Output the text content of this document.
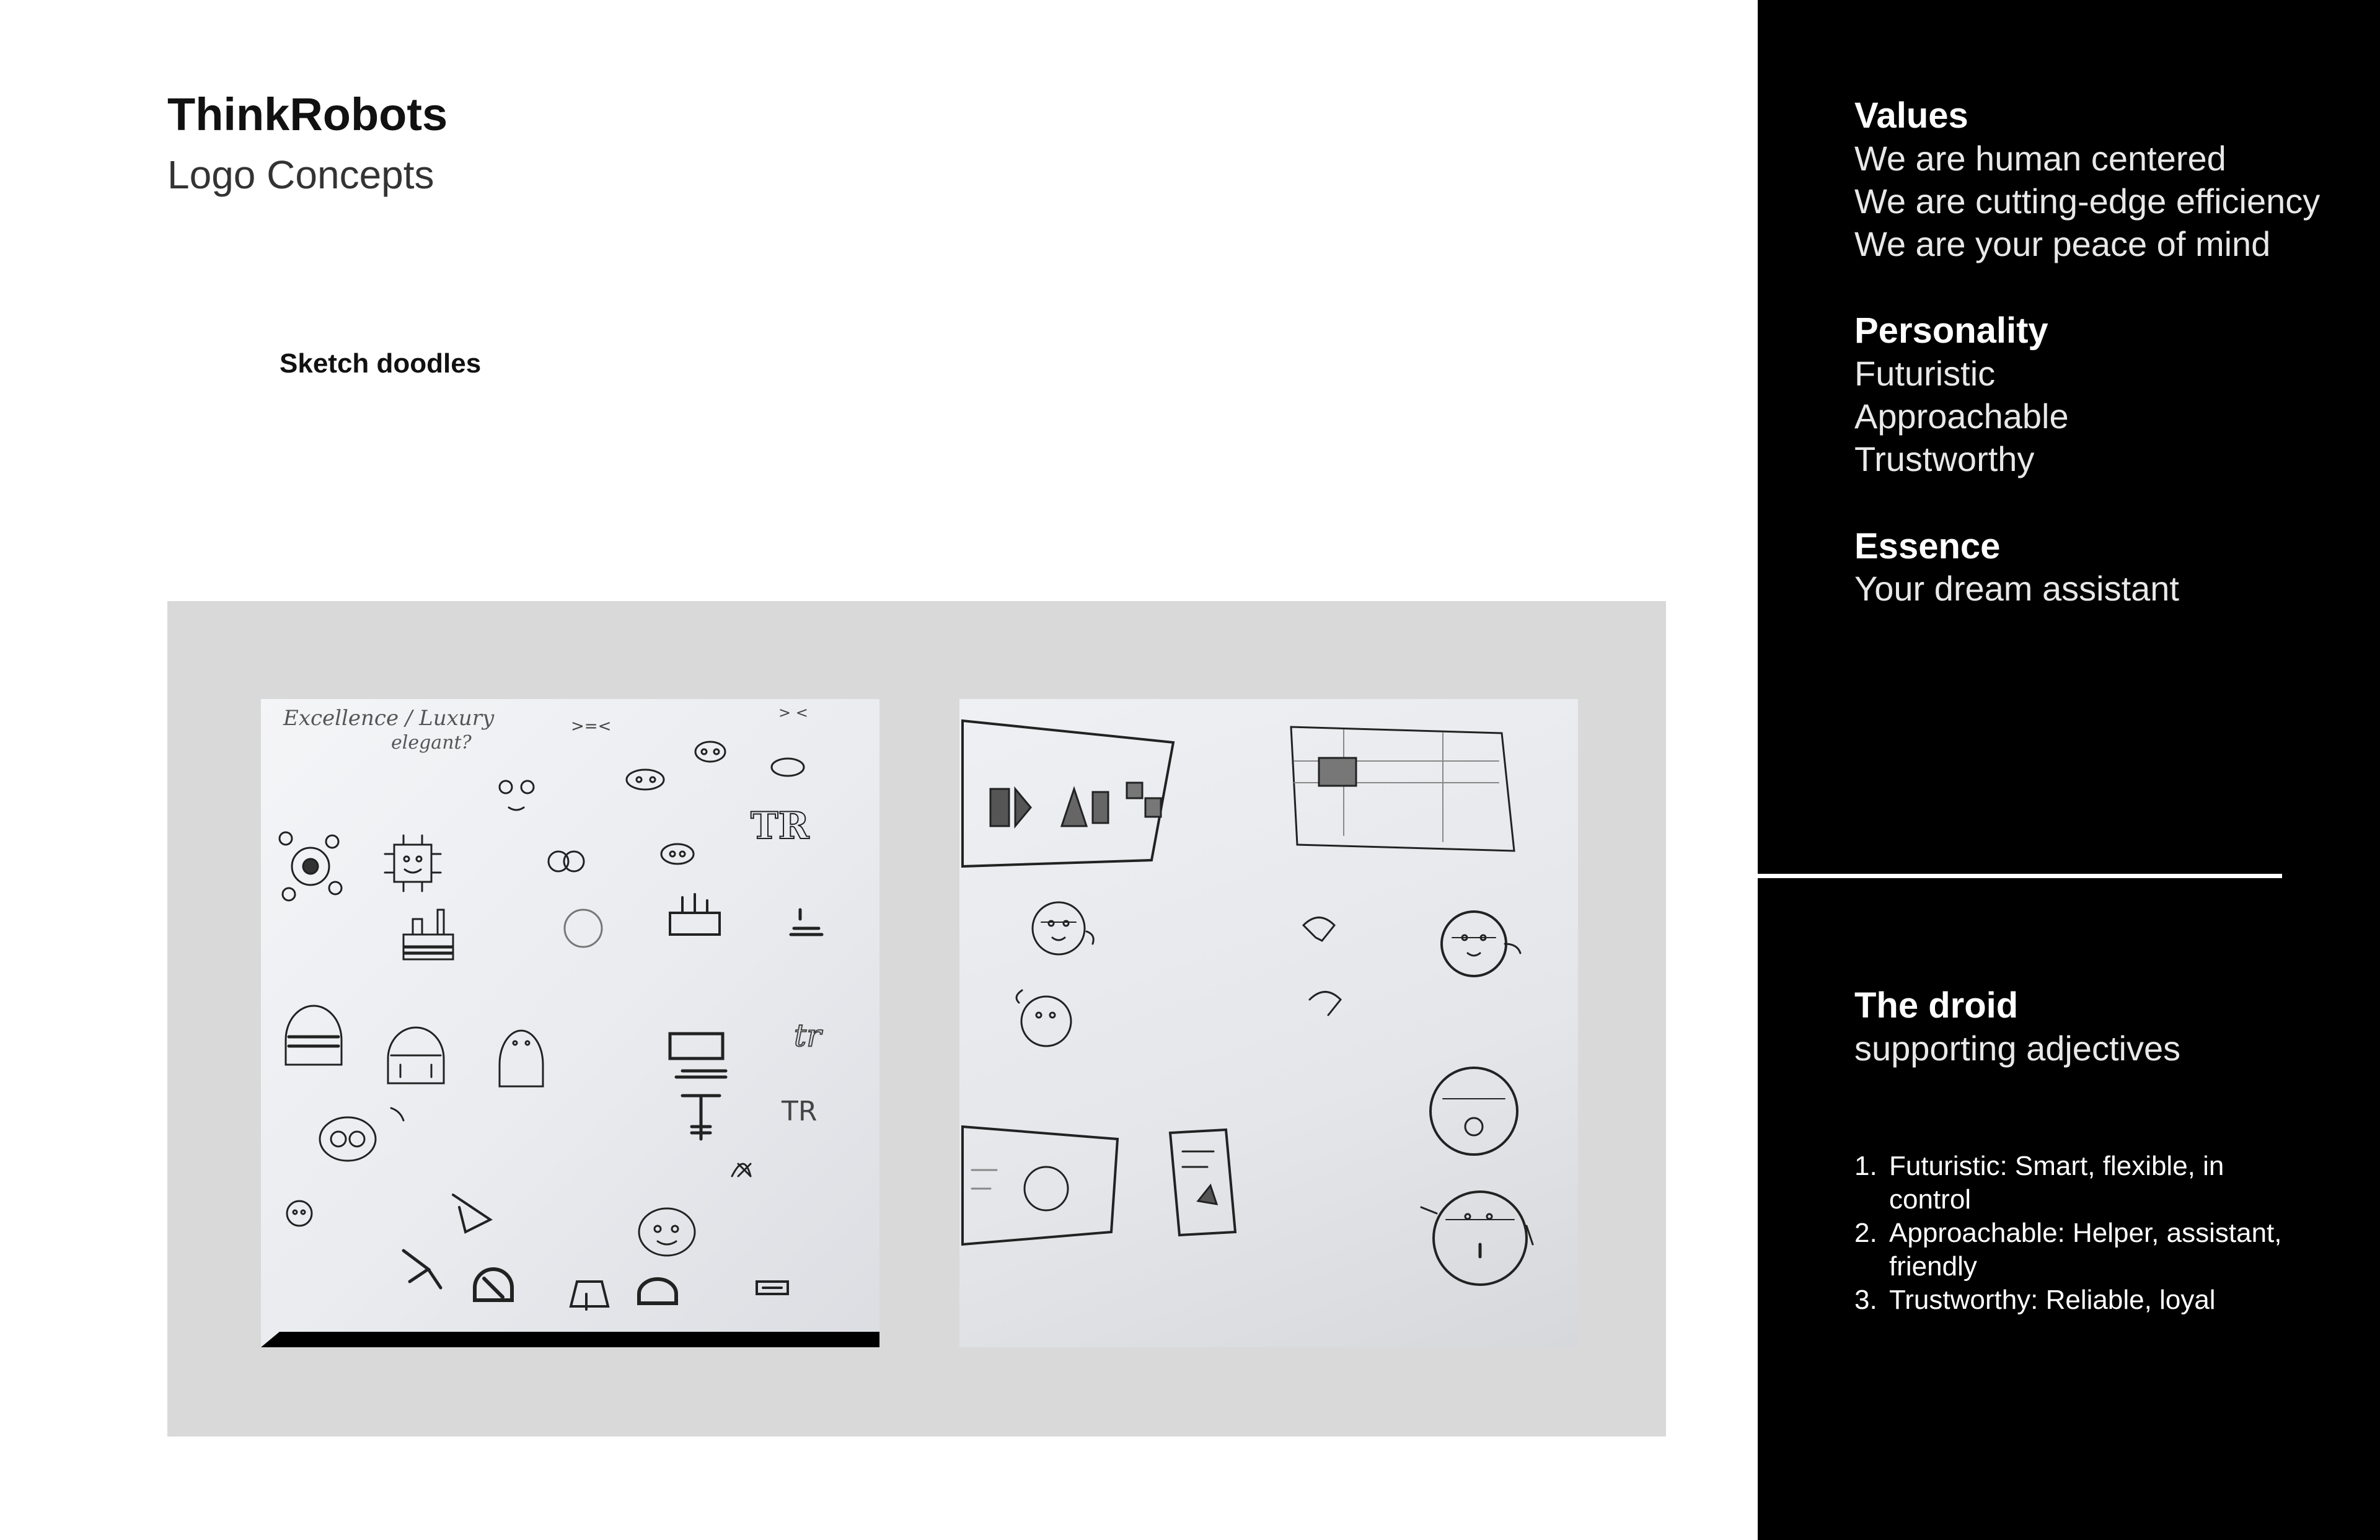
ThinkRobots
Logo Concepts
Sketch doodles
Excellence / Luxury
elegant?
>=<
> <
TR
tr
TR
Values
We are human centered
We are cutting-edge efficiency
We are your peace of mind
Personality
Futuristic
Approachable
Trustworthy
Essence
Your dream assistant
The droid
supporting adjectives
1. Futuristic: Smart, flexible, in control
2. Approachable: Helper, assistant, friendly
3. Trustworthy: Reliable, loyal
